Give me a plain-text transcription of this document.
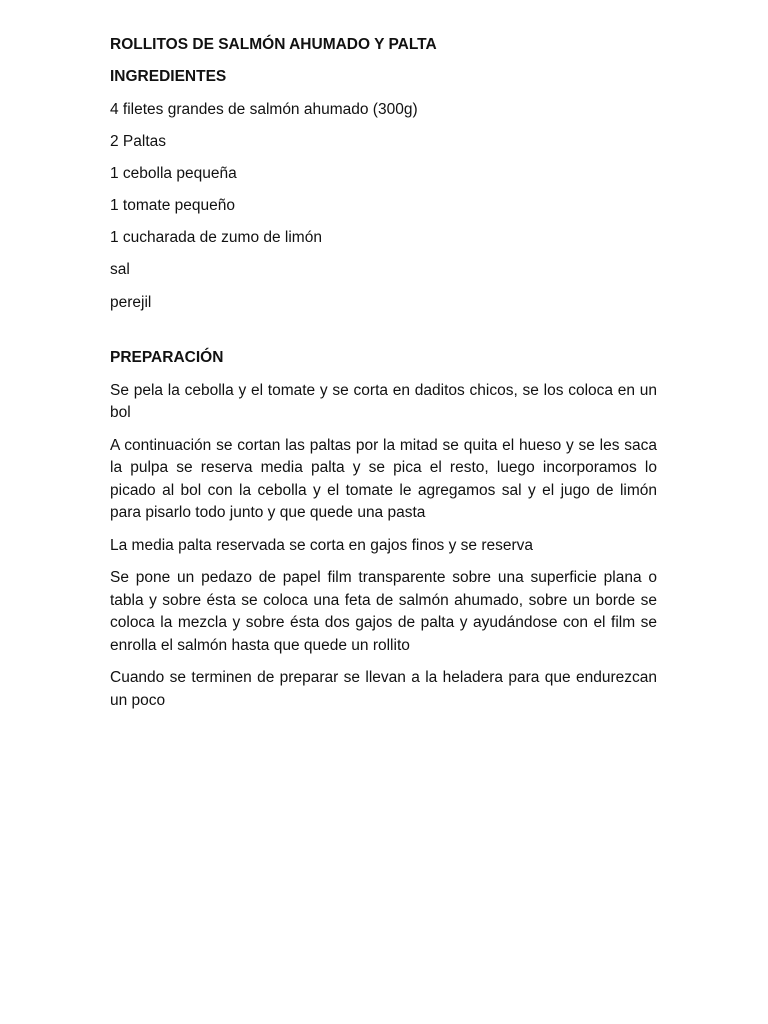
ROLLITOS DE SALMÓN AHUMADO Y PALTA
INGREDIENTES
4 filetes grandes de salmón ahumado (300g)
2 Paltas
1 cebolla pequeña
1 tomate pequeño
1 cucharada de zumo de limón
sal
perejil
PREPARACIÓN

Se pela la cebolla y el tomate y se corta en daditos chicos, se los coloca en un bol

A continuación se cortan las paltas por la mitad se quita el hueso y se les saca la pulpa se reserva media palta y se pica el resto, luego incorporamos lo picado al bol con la cebolla y el tomate le agregamos sal y el jugo de limón para pisarlo todo junto y que quede una pasta

La media palta reservada se corta en gajos finos y se reserva

Se pone un pedazo de papel film transparente sobre una superficie plana o tabla y sobre ésta se coloca una feta de salmón ahumado, sobre un borde se coloca la mezcla y sobre ésta dos gajos de palta y ayudándose con el film se enrolla el salmón hasta que quede un rollito

Cuando se terminen de preparar se llevan a la heladera para que endurezcan un poco
